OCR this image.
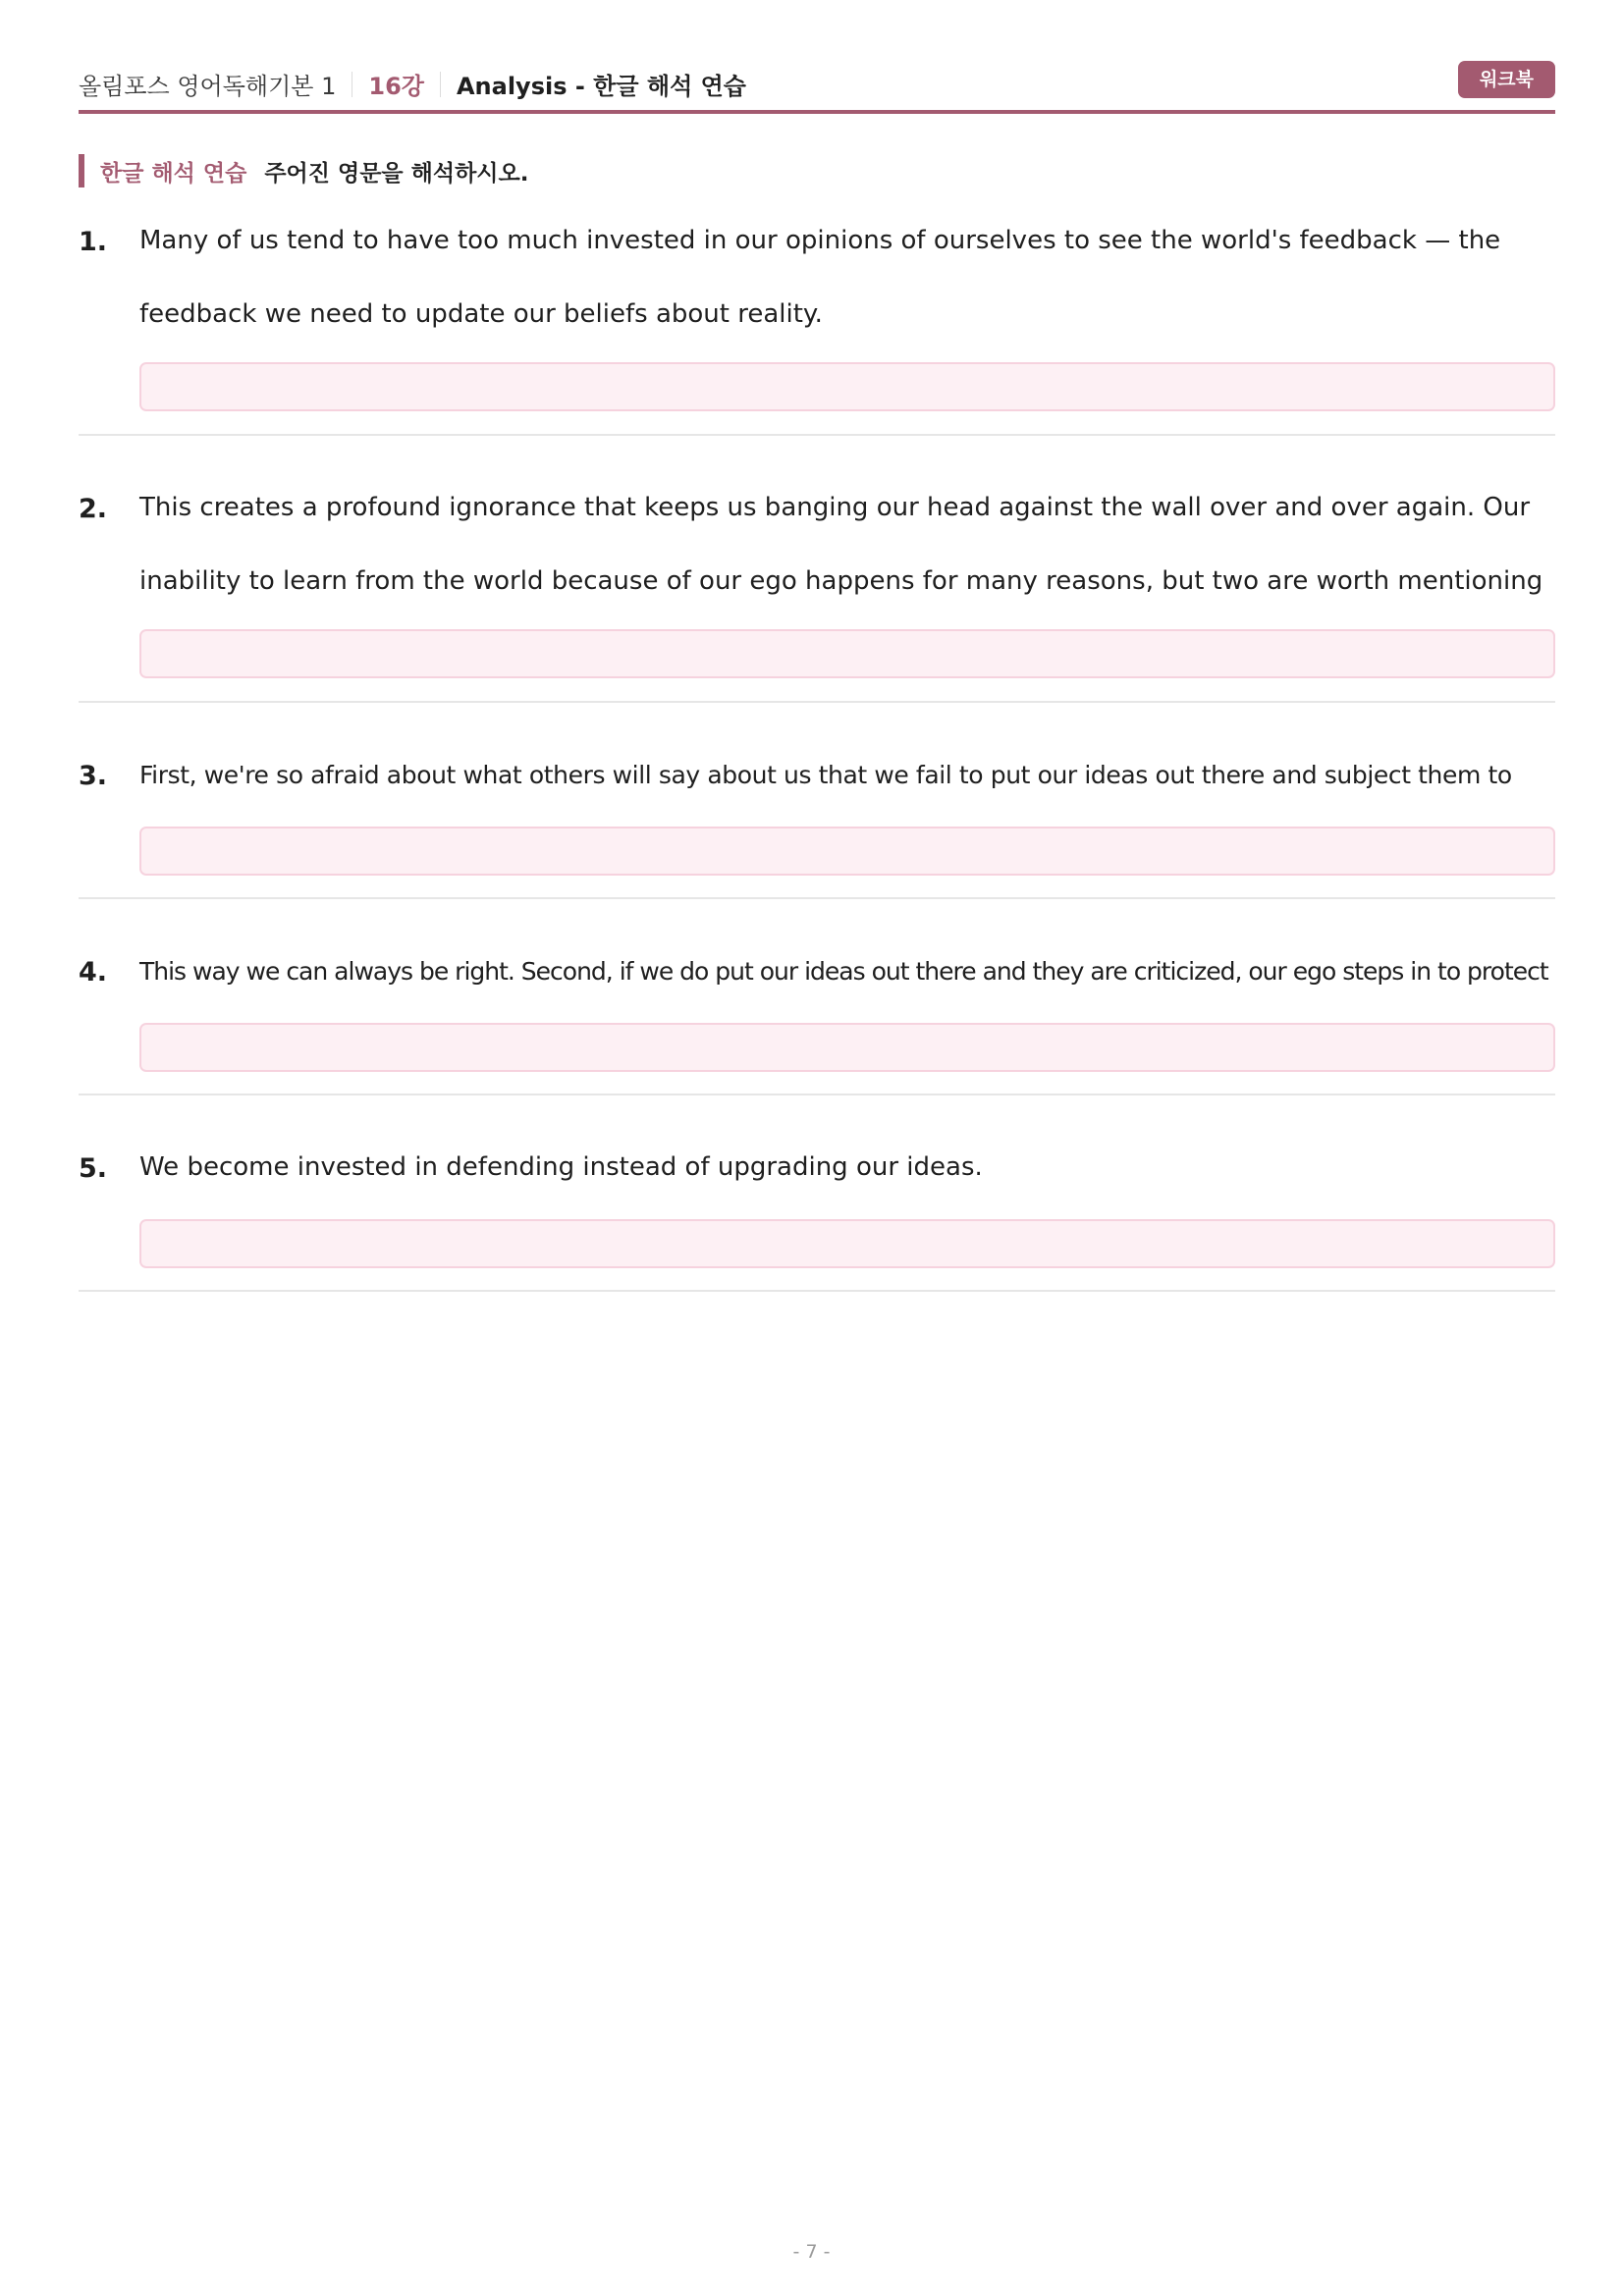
올림포스 영어독해기본 1 16강 Analysis - 한글 해석 연습	워크북
한글 해석 연습 주어진 영문을 해석하시오.
1. Many of us tend to have too much invested in our opinions of ourselves to see the world's feedback — the feedback we need to update our beliefs about reality.

2. This creates a profound ignorance that keeps us banging our head against the wall over and over again. Our inability to learn from the world because of our ego happens for many reasons, but two are worth mentioning

3. First, we're so afraid about what others will say about us that we fail to put our ideas out there and subject them to

4. This way we can always be right. Second, if we do put our ideas out there and they are criticized, our ego steps in to protect

5. We become invested in defending instead of upgrading our ideas.

- 7 -
